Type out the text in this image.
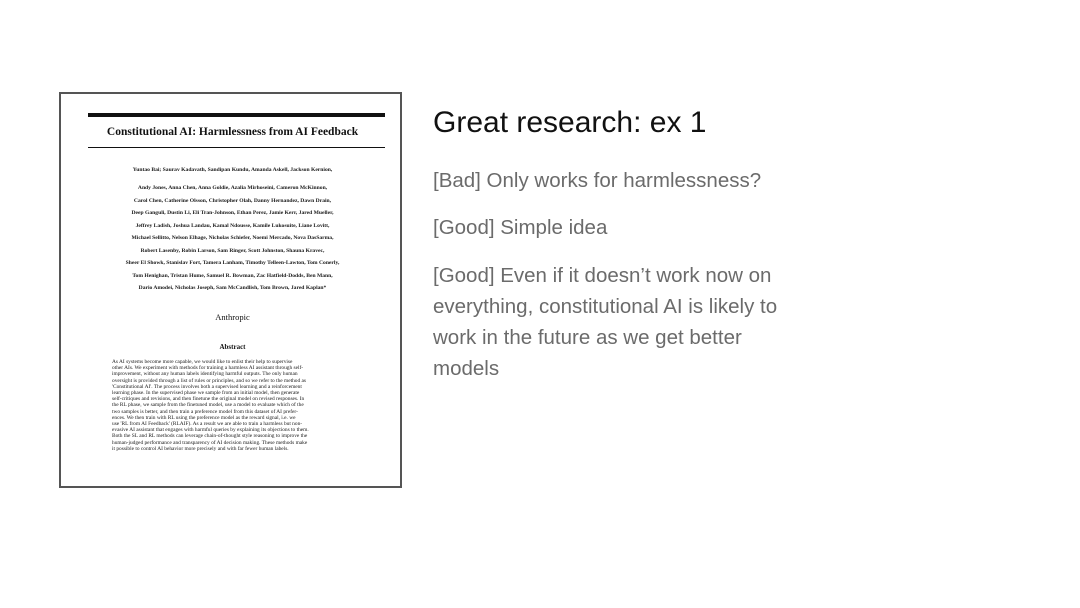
Constitutional AI: Harmlessness from AI Feedback
Yuntao Bai; Saurav Kadavath, Sandipan Kundu, Amanda Askell, Jackson Kernion,
Andy Jones, Anna Chen, Anna Goldie, Azalia Mirhoseini, Cameron McKinnon,
Carol Chen, Catherine Olsson, Christopher Olah, Danny Hernandez, Dawn Drain,
Deep Ganguli, Dustin Li, Eli Tran-Johnson, Ethan Perez, Jamie Kerr, Jared Mueller,
Jeffrey Ladish, Joshua Landau, Kamal Ndousse, Kamile Lukosuite, Liane Lovitt,
Michael Sellitto, Nelson Elhage, Nicholas Schiefer, Noemi Mercado, Nova DasSarma,
Robert Lasenby, Robin Larson, Sam Ringer, Scott Johnston, Shauna Kravec,
Sheer El Showk, Stanislav Fort, Tamera Lanham, Timothy Telleen-Lawton, Tom Conerly,
Tom Henighan, Tristan Hume, Samuel R. Bowman, Zac Hatfield-Dodds, Ben Mann,
Dario Amodei, Nicholas Joseph, Sam McCandlish, Tom Brown, Jared Kaplan*
Anthropic
Abstract
As AI systems become more capable, we would like to enlist their help to supervise
other AIs. We experiment with methods for training a harmless AI assistant through self-
improvement, without any human labels identifying harmful outputs. The only human
oversight is provided through a list of rules or principles, and so we refer to the method as
'Constitutional AI'. The process involves both a supervised learning and a reinforcement
learning phase. In the supervised phase we sample from an initial model, then generate
self-critiques and revisions, and then finetune the original model on revised responses. In
the RL phase, we sample from the finetuned model, use a model to evaluate which of the
two samples is better, and then train a preference model from this dataset of AI prefer-
ences. We then train with RL using the preference model as the reward signal, i.e. we
use 'RL from AI Feedback' (RLAIF). As a result we are able to train a harmless but non-
evasive AI assistant that engages with harmful queries by explaining its objections to them.
Both the SL and RL methods can leverage chain-of-thought style reasoning to improve the
human-judged performance and transparency of AI decision making. These methods make
it possible to control AI behavior more precisely and with far fewer human labels.
Great research: ex 1
[Bad] Only works for harmlessness?
[Good] Simple idea
[Good] Even if it doesn’t work now on
everything, constitutional AI is likely to
work in the future as we get better
models
